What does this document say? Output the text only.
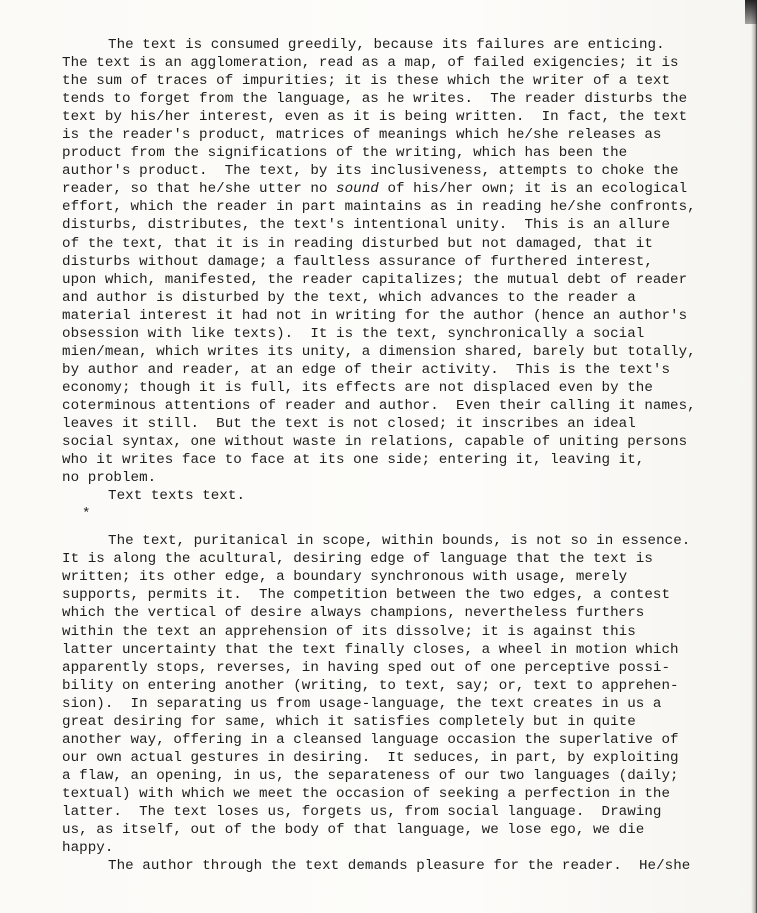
The text is consumed greedily, because its failures are enticing.
The text is an agglomeration, read as a map, of failed exigencies; it is
the sum of traces of impurities; it is these which the writer of a text
tends to forget from the language, as he writes.  The reader disturbs the
text by his/her interest, even as it is being written.  In fact, the text
is the reader's product, matrices of meanings which he/she releases as
product from the significations of the writing, which has been the
author's product.  The text, by its inclusiveness, attempts to choke the
reader, so that he/she utter no sound of his/her own; it is an ecological
effort, which the reader in part maintains as in reading he/she confronts,
disturbs, distributes, the text's intentional unity.  This is an allure
of the text, that it is in reading disturbed but not damaged, that it
disturbs without damage; a faultless assurance of furthered interest,
upon which, manifested, the reader capitalizes; the mutual debt of reader
and author is disturbed by the text, which advances to the reader a
material interest it had not in writing for the author (hence an author's
obsession with like texts).  It is the text, synchronically a social
mien/mean, which writes its unity, a dimension shared, barely but totally,
by author and reader, at an edge of their activity.  This is the text's
economy; though it is full, its effects are not displaced even by the
coterminous attentions of reader and author.  Even their calling it names,
leaves it still.  But the text is not closed; it inscribes an ideal
social syntax, one without waste in relations, capable of uniting persons
who it writes face to face at its one side; entering it, leaving it,
no problem.
Text texts text.
*
The text, puritanical in scope, within bounds, is not so in essence.
It is along the acultural, desiring edge of language that the text is
written; its other edge, a boundary synchronous with usage, merely
supports, permits it.  The competition between the two edges, a contest
which the vertical of desire always champions, nevertheless furthers
within the text an apprehension of its dissolve; it is against this
latter uncertainty that the text finally closes, a wheel in motion which
apparently stops, reverses, in having sped out of one perceptive possi-
bility on entering another (writing, to text, say; or, text to apprehen-
sion).  In separating us from usage-language, the text creates in us a
great desiring for same, which it satisfies completely but in quite
another way, offering in a cleansed language occasion the superlative of
our own actual gestures in desiring.  It seduces, in part, by exploiting
a flaw, an opening, in us, the separateness of our two languages (daily;
textual) with which we meet the occasion of seeking a perfection in the
latter.  The text loses us, forgets us, from social language.  Drawing
us, as itself, out of the body of that language, we lose ego, we die
happy.
The author through the text demands pleasure for the reader.  He/she
